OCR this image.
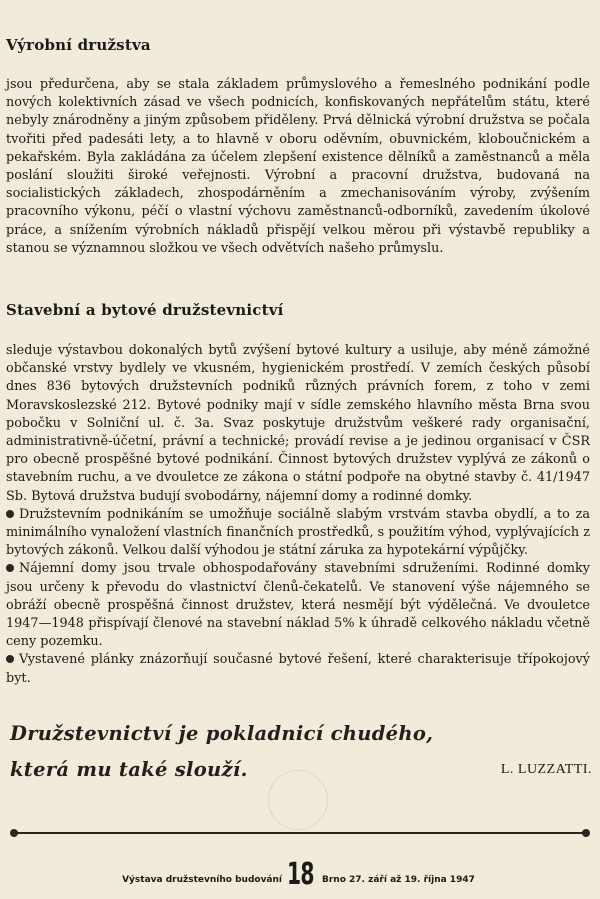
Výrobní družstva

jsou předurčena, aby se stala základem průmyslového a řemeslného podnikání podle nových kolektivních zásad ve všech podnicích, konfiskovaných nepřátelům státu, které nebyly znárodněny a jiným způsobem přiděleny. Prvá dělnická výrobní družstva se počala tvořiti před padesáti lety, a to hlavně v oboru oděvním, obuvnickém, kloboučnickém a pekařském. Byla zakládána za účelem zlepšení existence dělníků a zaměstnanců a měla poslání sloužiti široké veřejnosti. Výrobní a pracovní družstva, budovaná na socialistických základech, zhospodárněním a zmechanisováním výroby, zvýšením pracovního výkonu, péčí o vlastní výchovu zaměstnanců-odborníků, zavedením úkolové práce, a snížením výrobních nákladů přispějí velkou měrou při výstavbě republiky a stanou se významnou složkou ve všech odvětvích našeho průmyslu.

Stavební a bytové družstevnictví

sleduje výstavbou dokonalých bytů zvýšení bytové kultury a usiluje, aby méně zámožné občanské vrstvy bydlely ve vkusném, hygienickém prostředí. V zemích českých působí dnes 836 bytových družstevních podniků různých právních forem, z toho v zemi Moravskoslezské 212. Bytové podniky mají v sídle zemského hlavního města Brna svou pobočku v Solniční ul. č. 3a. Svaz poskytuje družstvům veškeré rady organisační, administrativně-účetní, právní a technické; provádí revise a je jedinou organisací v ČSR pro obecně prospěšné bytové podnikání. Činnost bytových družstev vyplývá ze zákonů o stavebním ruchu, a ve dvouletce ze zákona o státní podpoře na obytné stavby č. 41/1947 Sb. Bytová družstva budují svobodárny, nájemní domy a rodinné domky.

Družstevním podnikáním se umožňuje sociálně slabým vrstvám stavba obydlí, a to za minimálního vynaložení vlastních finančních prostředků, s použitím výhod, vyplývajících z bytových zákonů. Velkou další výhodou je státní záruka za hypotekární výpůjčky.

Nájemní domy jsou trvale obhospodařovány stavebními sdruženími. Rodinné domky jsou určeny k převodu do vlastnictví členů-čekatelů. Ve stanovení výše nájemného se obráží obecně prospěšná činnost družstev, která nesmějí být výdělečná. Ve dvouletce 1947—1948 přispívají členové na stavební náklad 5% k úhradě celkového nákladu včetně ceny pozemku.

Vystavené plánky znázorňují současné bytové řešení, které charakterisuje třípokojový byt.

Družstevnictví je pokladnicí chudého,
která mu také slouží.	L. LUZZATTI.
Výstava družstevního budování 18 Brno 27. září až 19. října 1947
